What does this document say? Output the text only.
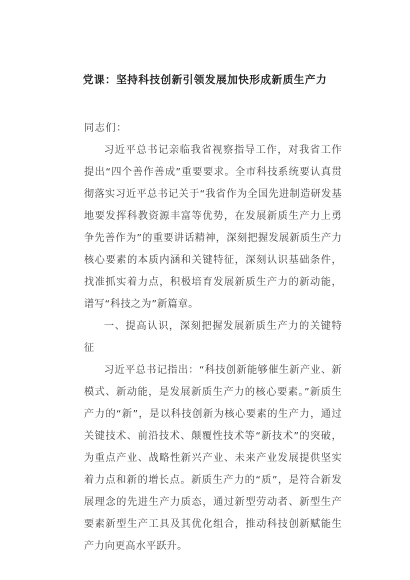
党课：坚持科技创新引领发展加快形成新质生产力

同志们：

习近平总书记亲临我省视察指导工作，对我省工作提出“四个善作善成”重要要求。全市科技系统要认真贯彻落实习近平总书记关于“我省作为全国先进制造研发基地要发挥科教资源丰富等优势，在发展新质生产力上勇争先善作为”的重要讲话精神，深刻把握发展新质生产力核心要素的本质内涵和关键特征，深刻认识基础条件，找准抓实着力点，积极培育发展新质生产力的新动能，谱写“科技之为”新篇章。

一、提高认识，深刻把握发展新质生产力的关键特征

习近平总书记指出：“科技创新能够催生新产业、新模式、新动能，是发展新质生产力的核心要素。”新质生产力的“新”，是以科技创新为核心要素的生产力，通过关键技术、前沿技术、颠覆性技术等“新技术”的突破，为重点产业、战略性新兴产业、未来产业发展提供坚实着力点和新的增长点。新质生产力的“质”，是符合新发展理念的先进生产力质态，通过新型劳动者、新型生产要素新型生产工具及其优化组合，推动科技创新赋能生产力向更高水平跃升。
